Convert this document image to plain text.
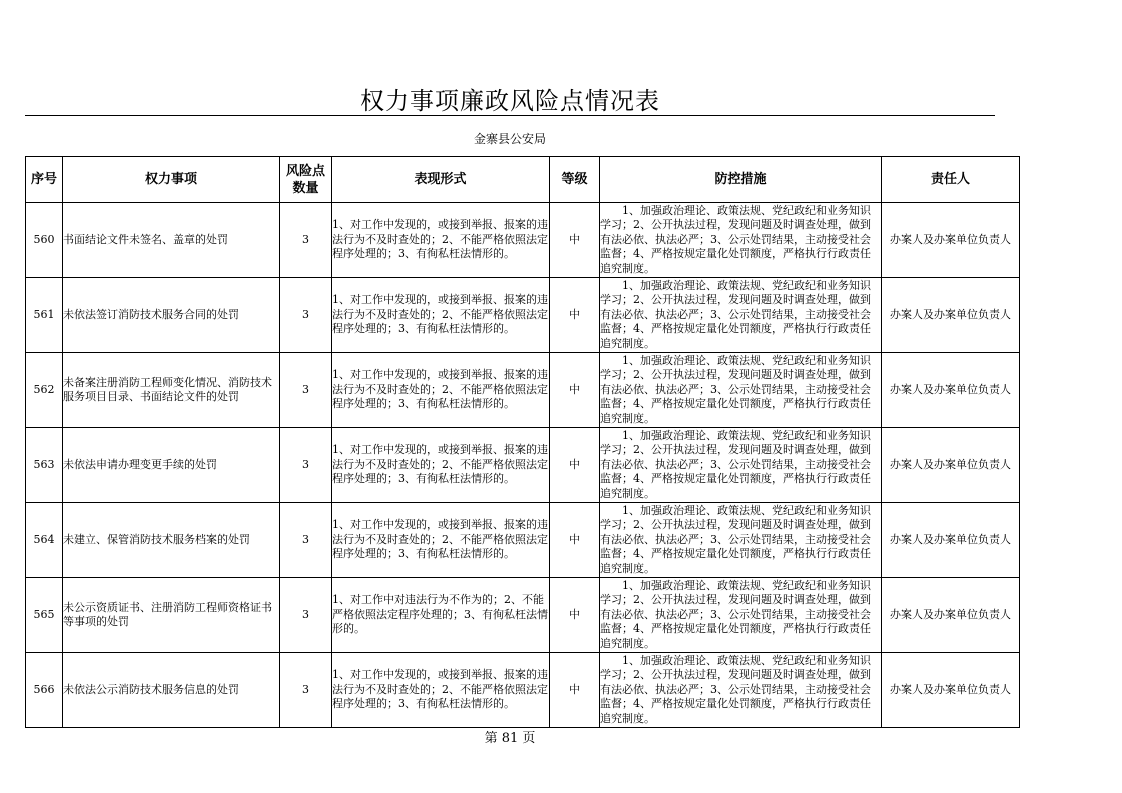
权力事项廉政风险点情况表
金寨县公安局
序号	权力事项	风险点数量	表现形式	等级	防控措施	责任人
560	书面结论文件未签名、盖章的处罚	3	1、对工作中发现的，或接到举报、报案的违法行为不及时查处的；2、不能严格依照法定程序处理的；3、有徇私枉法情形的。	中	　　1、加强政治理论、政策法规、党纪政纪和业务知识学习；2、公开执法过程，发现问题及时调查处理，做到有法必依、执法必严；3、公示处罚结果，主动接受社会监督；4、严格按规定量化处罚额度，严格执行行政责任追究制度。	办案人及办案单位负责人
561	未依法签订消防技术服务合同的处罚	3	1、对工作中发现的，或接到举报、报案的违法行为不及时查处的；2、不能严格依照法定程序处理的；3、有徇私枉法情形的。	中	　　1、加强政治理论、政策法规、党纪政纪和业务知识学习；2、公开执法过程，发现问题及时调查处理，做到有法必依、执法必严；3、公示处罚结果，主动接受社会监督；4、严格按规定量化处罚额度，严格执行行政责任追究制度。	办案人及办案单位负责人
562	未备案注册消防工程师变化情况、消防技术服务项目目录、书面结论文件的处罚	3	1、对工作中发现的，或接到举报、报案的违法行为不及时查处的；2、不能严格依照法定程序处理的；3、有徇私枉法情形的。	中	　　1、加强政治理论、政策法规、党纪政纪和业务知识学习；2、公开执法过程，发现问题及时调查处理，做到有法必依、执法必严；3、公示处罚结果，主动接受社会监督；4、严格按规定量化处罚额度，严格执行行政责任追究制度。	办案人及办案单位负责人
563	未依法申请办理变更手续的处罚	3	1、对工作中发现的，或接到举报、报案的违法行为不及时查处的；2、不能严格依照法定程序处理的；3、有徇私枉法情形的。	中	　　1、加强政治理论、政策法规、党纪政纪和业务知识学习；2、公开执法过程，发现问题及时调查处理，做到有法必依、执法必严；3、公示处罚结果，主动接受社会监督；4、严格按规定量化处罚额度，严格执行行政责任追究制度。	办案人及办案单位负责人
564	未建立、保管消防技术服务档案的处罚	3	1、对工作中发现的，或接到举报、报案的违法行为不及时查处的；2、不能严格依照法定程序处理的；3、有徇私枉法情形的。	中	　　1、加强政治理论、政策法规、党纪政纪和业务知识学习；2、公开执法过程，发现问题及时调查处理，做到有法必依、执法必严；3、公示处罚结果，主动接受社会监督；4、严格按规定量化处罚额度，严格执行行政责任追究制度。	办案人及办案单位负责人
565	未公示资质证书、注册消防工程师资格证书等事项的处罚	3	1、对工作中对违法行为不作为的；2、不能严格依照法定程序处理的；3、有徇私枉法情形的。	中	　　1、加强政治理论、政策法规、党纪政纪和业务知识学习；2、公开执法过程，发现问题及时调查处理，做到有法必依、执法必严；3、公示处罚结果，主动接受社会监督；4、严格按规定量化处罚额度，严格执行行政责任追究制度。	办案人及办案单位负责人
566	未依法公示消防技术服务信息的处罚	3	1、对工作中发现的，或接到举报、报案的违法行为不及时查处的；2、不能严格依照法定程序处理的；3、有徇私枉法情形的。	中	　　1、加强政治理论、政策法规、党纪政纪和业务知识学习；2、公开执法过程，发现问题及时调查处理，做到有法必依、执法必严；3、公示处罚结果，主动接受社会监督；4、严格按规定量化处罚额度，严格执行行政责任追究制度。	办案人及办案单位负责人
第 81 页
